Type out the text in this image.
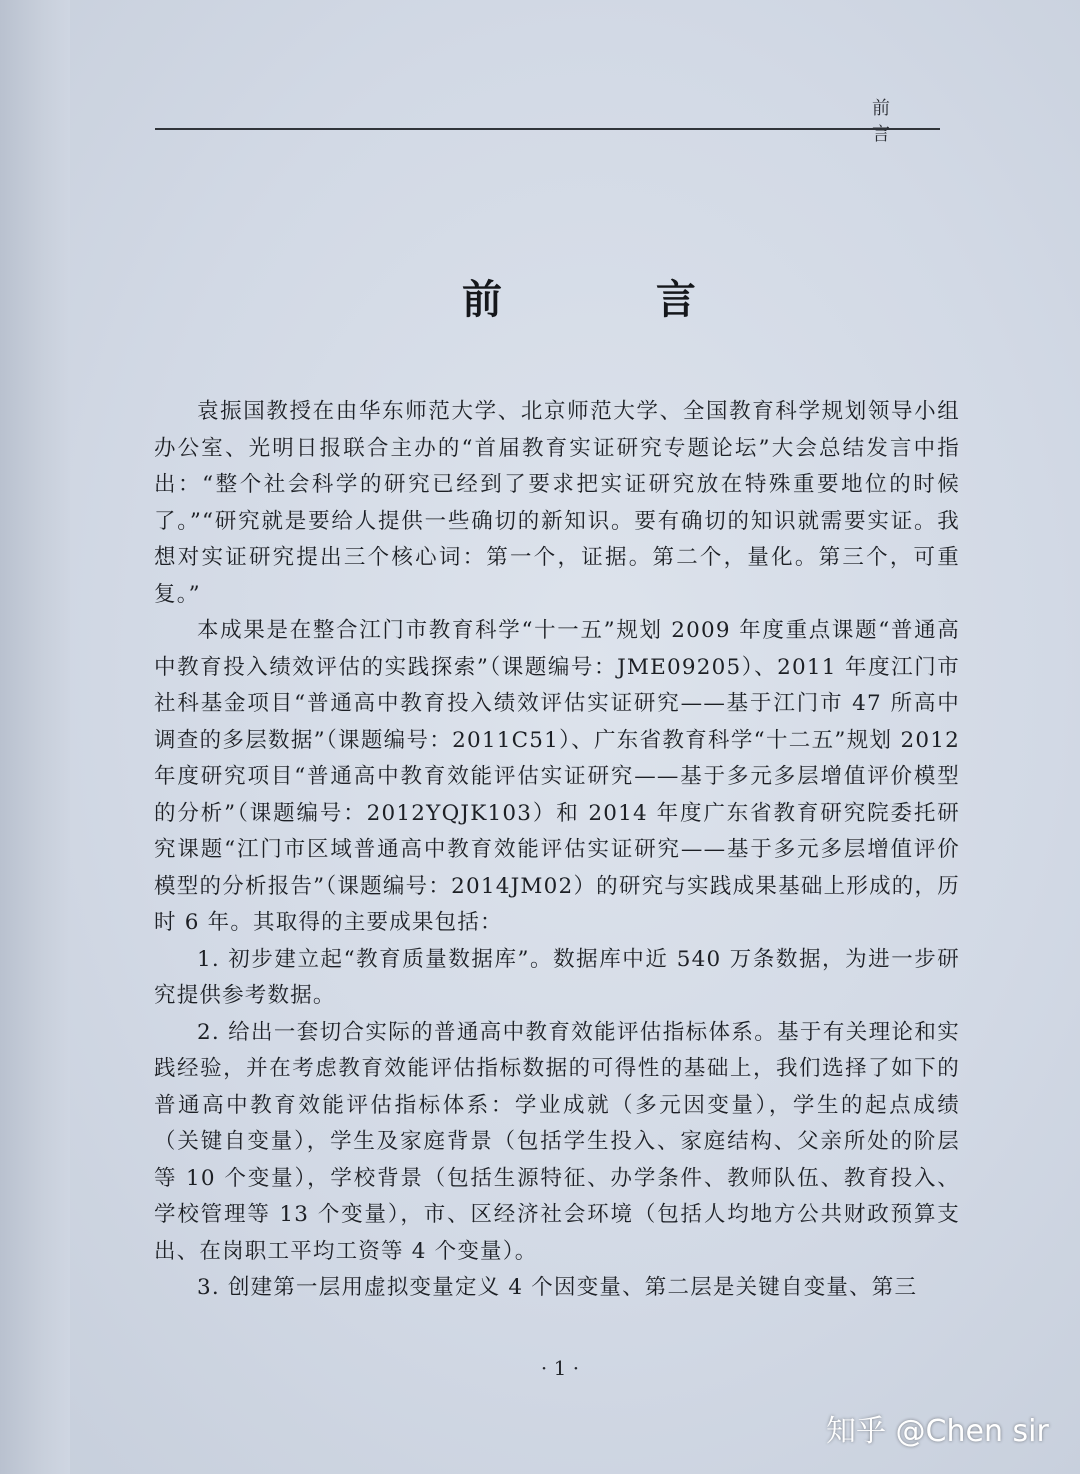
前 言
前 言

袁振国教授在由华东师范大学、北京师范大学、全国教育科学规划领导小组办公室、光明日报联合主办的“首届教育实证研究专题论坛”大会总结发言中指出：“整个社会科学的研究已经到了要求把实证研究放在特殊重要地位的时候了。”“研究就是要给人提供一些确切的新知识。要有确切的知识就需要实证。我想对实证研究提出三个核心词：第一个，证据。第二个，量化。第三个，可重复。”

本成果是在整合江门市教育科学“十一五”规划 2009 年度重点课题“普通高中教育投入绩效评估的实践探索”（课题编号：JME09205）、2011 年度江门市社科基金项目“普通高中教育投入绩效评估实证研究——基于江门市 47 所高中调查的多层数据”（课题编号：2011C51）、广东省教育科学“十二五”规划 2012 年度研究项目“普通高中教育效能评估实证研究——基于多元多层增值评价模型的分析”（课题编号：2012YQJK103）和 2014 年度广东省教育研究院委托研究课题“江门市区域普通高中教育效能评估实证研究——基于多元多层增值评价模型的分析报告”（课题编号：2014JM02）的研究与实践成果基础上形成的，历时 6 年。其取得的主要成果包括：

1. 初步建立起“教育质量数据库”。数据库中近 540 万条数据，为进一步研究提供参考数据。

2. 给出一套切合实际的普通高中教育效能评估指标体系。基于有关理论和实践经验，并在考虑教育效能评估指标数据的可得性的基础上，我们选择了如下的普通高中教育效能评估指标体系：学业成就（多元因变量），学生的起点成绩（关键自变量），学生及家庭背景（包括学生投入、家庭结构、父亲所处的阶层等 10 个变量），学校背景（包括生源特征、办学条件、教师队伍、教育投入、学校管理等 13 个变量），市、区经济社会环境（包括人均地方公共财政预算支出、在岗职工平均工资等 4 个变量）。

3. 创建第一层用虚拟变量定义 4 个因变量、第二层是关键自变量、第三

· 1 ·
知乎 @Chen sir
